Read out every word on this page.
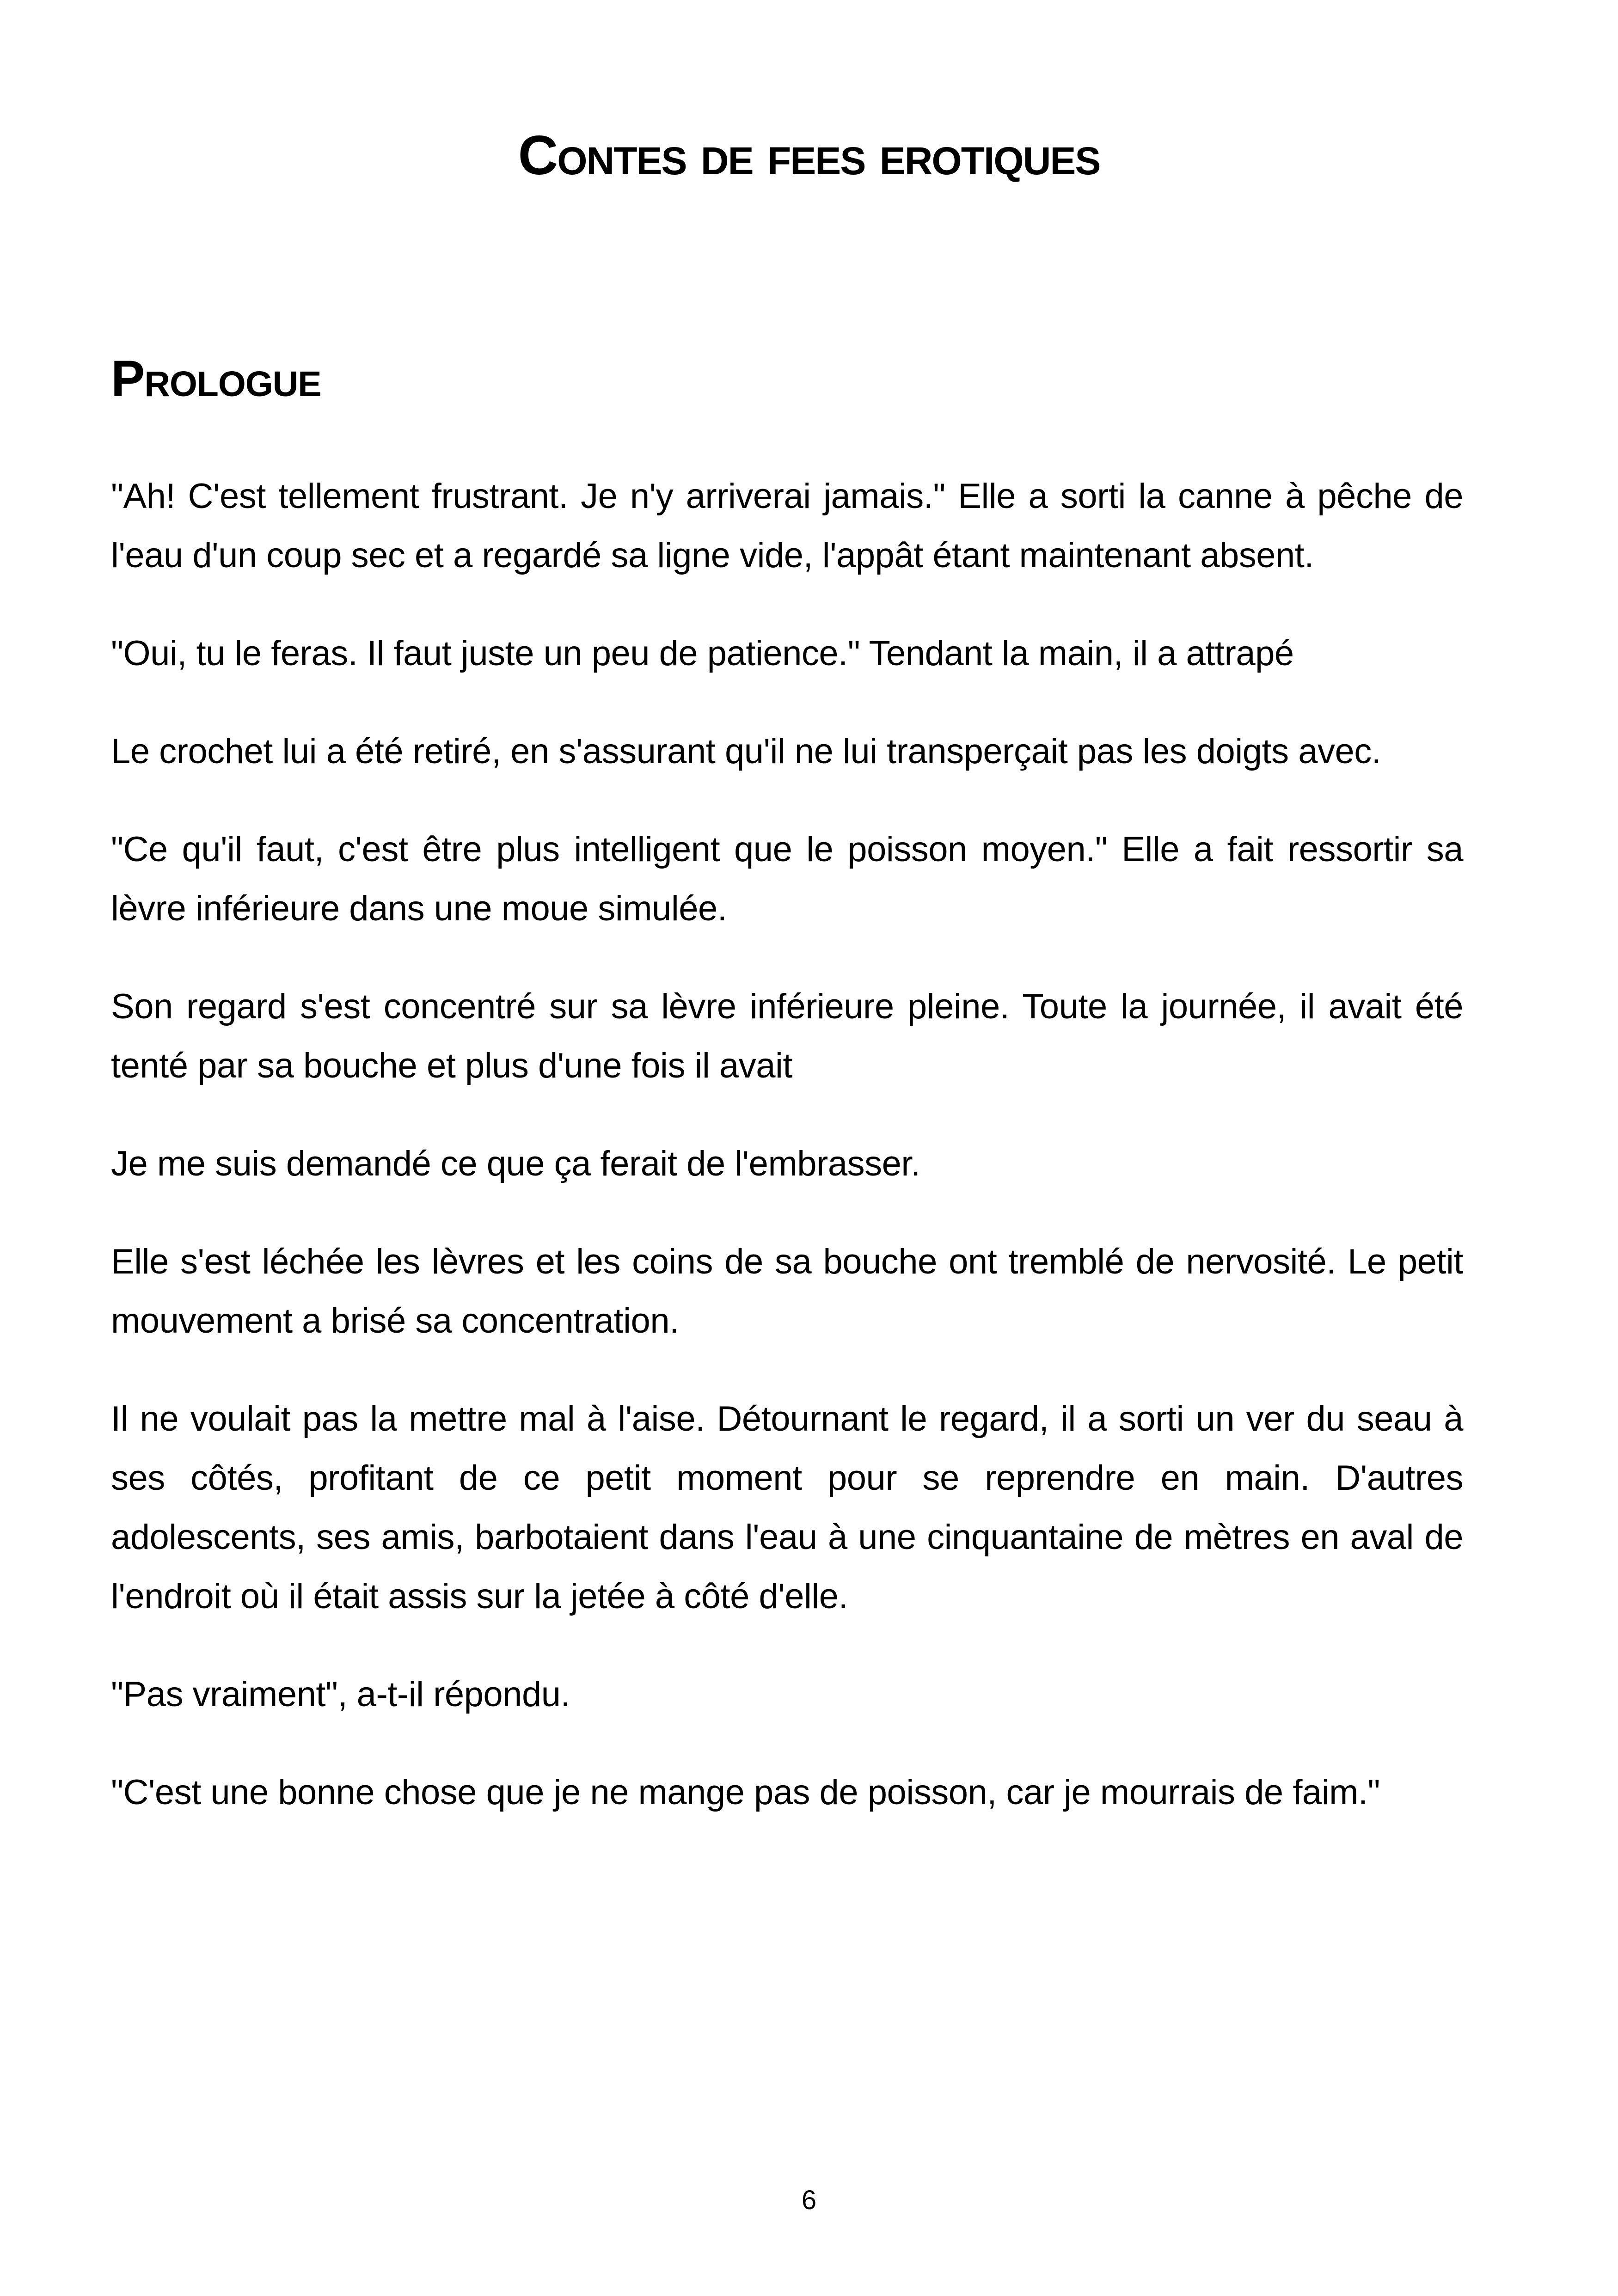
Contes de fees erotiques
Prologue

"Ah! C'est tellement frustrant. Je n'y arriverai jamais." Elle a sorti la canne à pêche de l'eau d'un coup sec et a regardé sa ligne vide, l'appât étant maintenant absent.

"Oui, tu le feras. Il faut juste un peu de patience." Tendant la main, il a attrapé

Le crochet lui a été retiré, en s'assurant qu'il ne lui transperçait pas les doigts avec.

"Ce qu'il faut, c'est être plus intelligent que le poisson moyen." Elle a fait ressortir sa lèvre inférieure dans une moue simulée.

Son regard s'est concentré sur sa lèvre inférieure pleine. Toute la journée, il avait été tenté par sa bouche et plus d'une fois il avait

Je me suis demandé ce que ça ferait de l'embrasser.

Elle s'est léchée les lèvres et les coins de sa bouche ont tremblé de nervosité. Le petit mouvement a brisé sa concentration.

Il ne voulait pas la mettre mal à l'aise. Détournant le regard, il a sorti un ver du seau à ses côtés, profitant de ce petit moment pour se reprendre en main. D'autres adolescents, ses amis, barbotaient dans l'eau à une cinquantaine de mètres en aval de l'endroit où il était assis sur la jetée à côté d'elle.

"Pas vraiment", a-t-il répondu.

"C'est une bonne chose que je ne mange pas de poisson, car je mourrais de faim."

6
